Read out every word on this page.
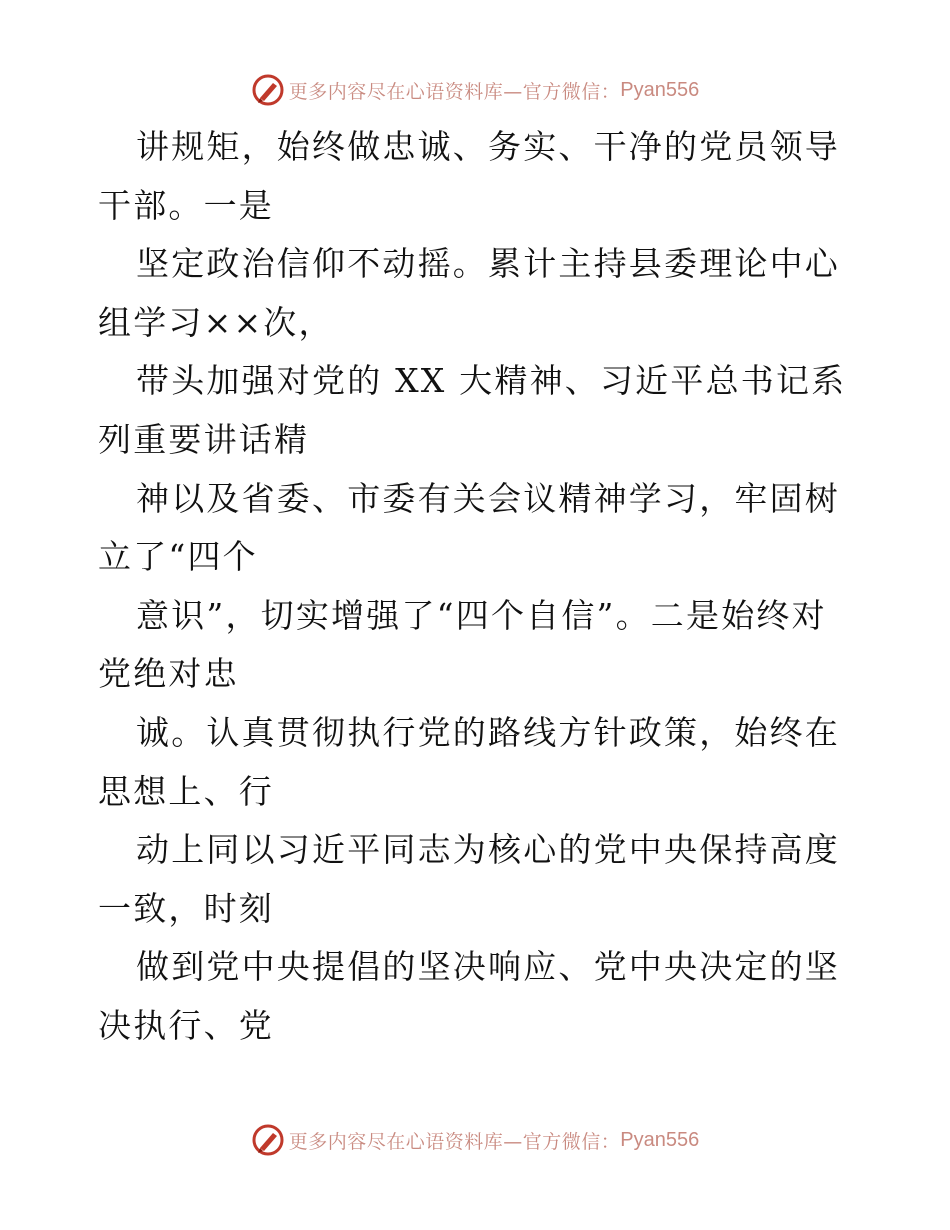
更多内容尽在心语资料库—官方微信： Pyan556

讲规矩，始终做忠诚、务实、干净的党员领导干部。一是

坚定政治信仰不动摇。累计主持县委理论中心组学习××次，

带头加强对党的 XX 大精神、习近平总书记系列重要讲话精

神以及省委、市委有关会议精神学习，牢固树立了“四个

意识”，切实增强了“四个自信”。二是始终对党绝对忠

诚。认真贯彻执行党的路线方针政策，始终在思想上、行

动上同以习近平同志为核心的党中央保持高度一致，时刻

做到党中央提倡的坚决响应、党中央决定的坚决执行、党

更多内容尽在心语资料库—官方微信： Pyan556
